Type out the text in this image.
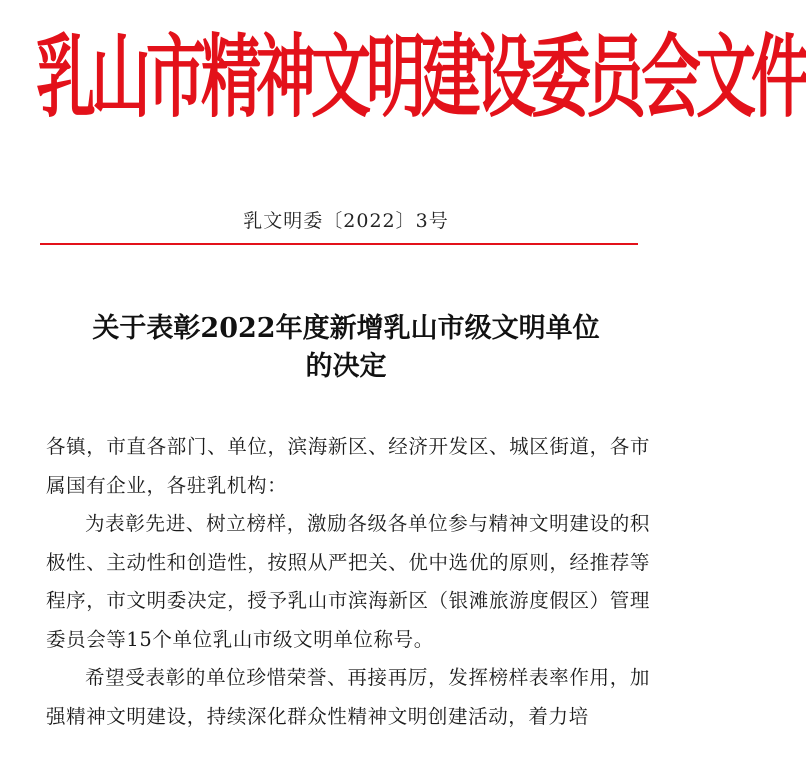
乳山市精神文明建设委员会文件
乳文明委〔2022〕3号
关于表彰2022年度新增乳山市级文明单位
的决定

各镇，市直各部门、单位，滨海新区、经济开发区、城区街道，各市属国有企业，各驻乳机构：

为表彰先进、树立榜样，激励各级各单位参与精神文明建设的积极性、主动性和创造性，按照从严把关、优中选优的原则，经推荐等程序，市文明委决定，授予乳山市滨海新区（银滩旅游度假区）管理委员会等15个单位乳山市级文明单位称号。

希望受表彰的单位珍惜荣誉、再接再厉，发挥榜样表率作用，加强精神文明建设，持续深化群众性精神文明创建活动，着力培
